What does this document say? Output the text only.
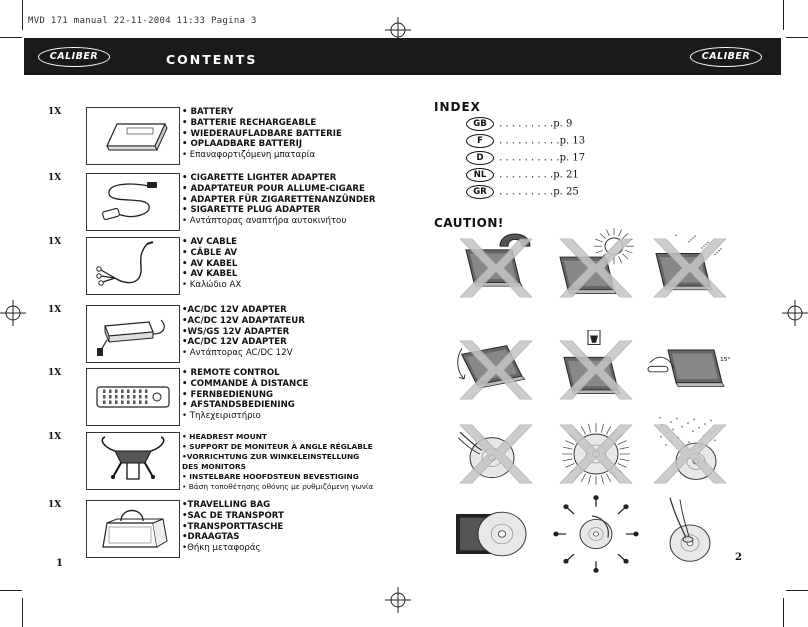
MVD 171 manual 22-11-2004 11:33 Pagina 3
CALIBER	CONTENTS	CALIBER
1X	• BATTERY
• BATTERIE RECHARGEABLE
• WIEDERAUFLADBARE BATTERIE
• OPLAADBARE BATTERIJ
• Επαναφορτιζόμενη μπαταρία
1X	• CIGARETTE LIGHTER ADAPTER
• ADAPTATEUR POUR ALLUME-CIGARE
• ADAPTER FÜR ZIGARETTENANZÜNDER
• SIGARETTE PLUG ADAPTER
• Αντάπτορας αναπτήρα αυτοκινήτου
1X	• AV CABLE
• CÂBLE AV
• AV KABEL
• AV KABEL
• Καλώδιο AX
1X	•AC/DC 12V ADAPTER
•AC/DC 12V ADAPTATEUR
•WS/GS 12V ADAPTER
•AC/DC 12V ADAPTER
• Αντάπτορας AC/DC 12V
1X	• REMOTE CONTROL
• COMMANDE À DISTANCE
• FERNBEDIENUNG
• AFSTANDSBEDIENING
• Τηλεχειριστήριο
1X	• HEADREST MOUNT
• SUPPORT DE MONITEUR À ANGLE RÉGLABLE
•VORRICHTUNG ZUR WINKELEINSTELLUNG
DES MONITORS
• INSTELBARE HOOFDSTEUN BEVESTIGING
• Βάση τοποθέτησης οθόνης με ρυθμιζόμενη γωνία
1X	•TRAVELLING BAG
•SAC DE TRANSPORT
•TRANSPORTTASCHE
•DRAAGTAS
•Θήκη μεταφοράς
1
2
INDEX
GB . . . . . . . . .p. 9
F . . . . . . . . . .p. 13
D . . . . . . . . . .p. 17
NL . . . . . . . . .p. 21
GR . . . . . . . . .p. 25
CAUTION!
15°
